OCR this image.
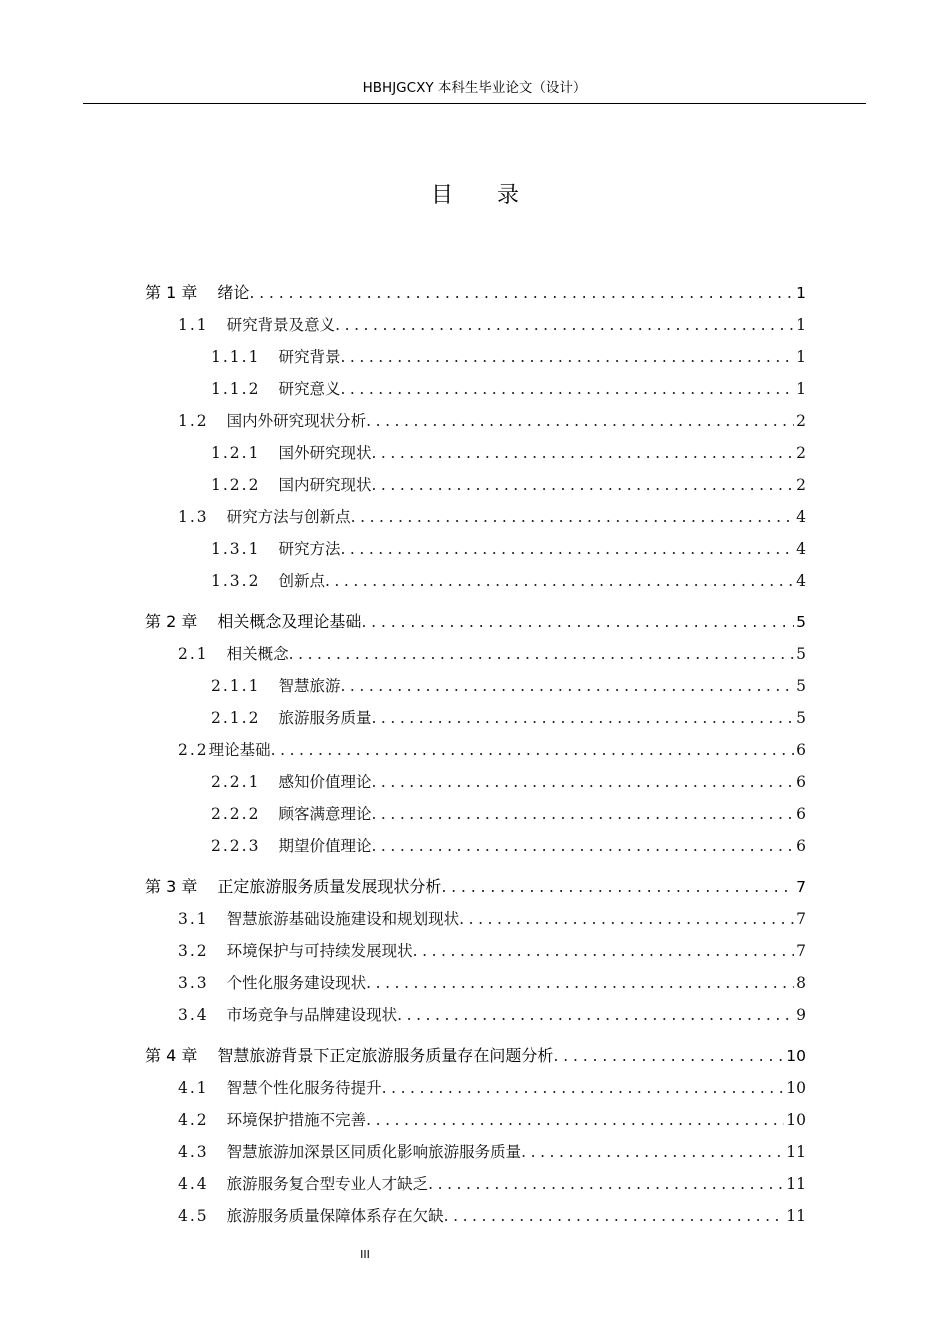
HBHJGCXY 本科生毕业论文（设计）
目 录
第 1 章 绪论 . . .	1
1.1 研究背景及意义 . . .	1
1.1.1 研究背景 . . .	1
1.1.2 研究意义 . . .	1
1.2 国内外研究现状分析 . . .	2
1.2.1 国外研究现状 . . .	2
1.2.2 国内研究现状 . . .	2
1.3 研究方法与创新点 . . .	4
1.3.1 研究方法 . . .	4
1.3.2 创新点 . . .	4
第 2 章 相关概念及理论基础 . . .	5
2.1 相关概念 . . .	5
2.1.1 智慧旅游 . . .	5
2.1.2 旅游服务质量 . . .	5
2.2 理论基础 . . .	6
2.2.1 感知价值理论 . . .	6
2.2.2 顾客满意理论 . . .	6
2.2.3 期望价值理论 . . .	6
第 3 章 正定旅游服务质量发展现状分析 . . .	7
3.1 智慧旅游基础设施建设和规划现状 . . .	7
3.2 环境保护与可持续发展现状 . . .	7
3.3 个性化服务建设现状 . . .	8
3.4 市场竞争与品牌建设现状 . . .	9
第 4 章 智慧旅游背景下正定旅游服务质量存在问题分析 . . .	10
4.1 智慧个性化服务待提升 . . .	10
4.2 环境保护措施不完善 . . .	10
4.3 智慧旅游加深景区同质化影响旅游服务质量 . . .	11
4.4 旅游服务复合型专业人才缺乏 . . .	11
4.5 旅游服务质量保障体系存在欠缺 . . .	11
III
